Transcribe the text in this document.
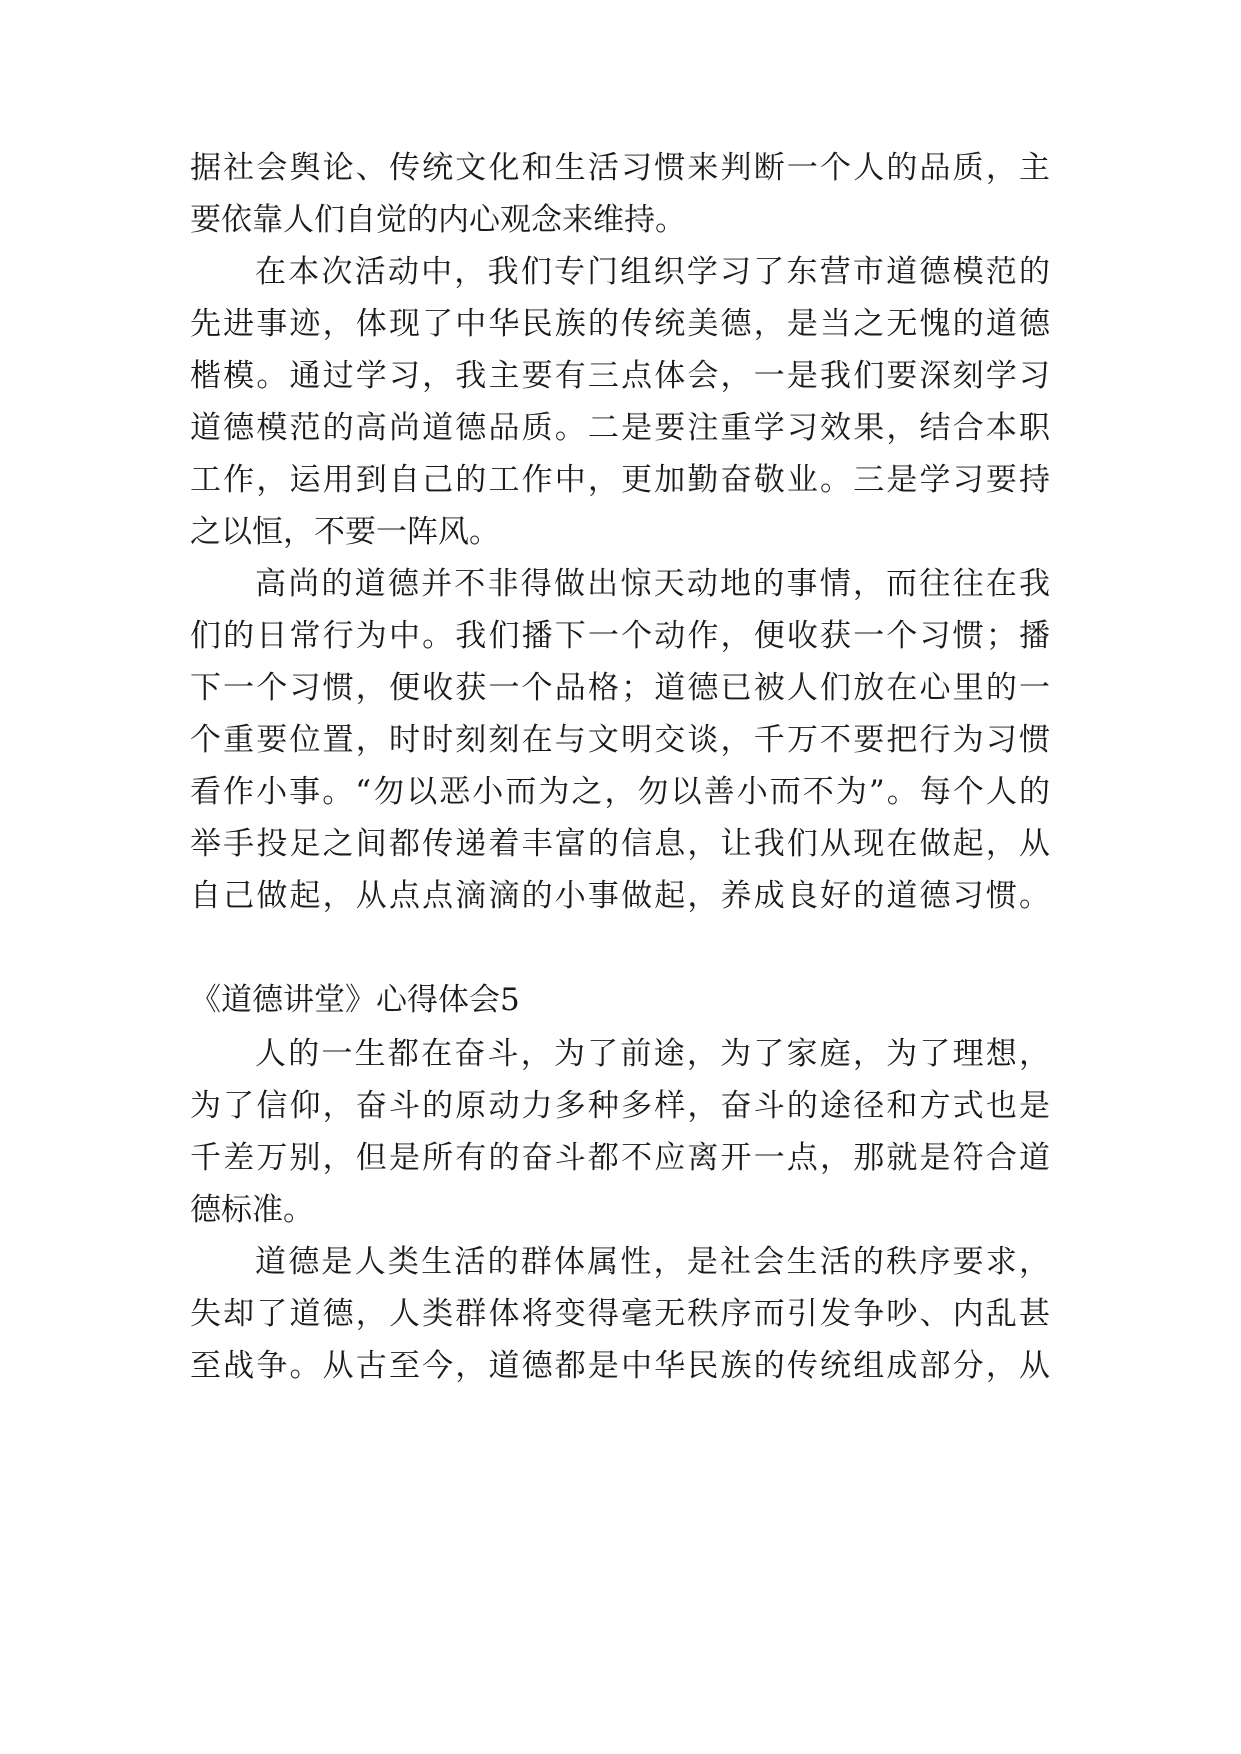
据社会舆论、传统文化和生活习惯来判断一个人的品质，主
要依靠人们自觉的内心观念来维持。
在本次活动中，我们专门组织学习了东营市道德模范的
先进事迹，体现了中华民族的传统美德，是当之无愧的道德
楷模。通过学习，我主要有三点体会，一是我们要深刻学习
道德模范的高尚道德品质。二是要注重学习效果，结合本职
工作，运用到自己的工作中，更加勤奋敬业。三是学习要持
之以恒，不要一阵风。
高尚的道德并不非得做出惊天动地的事情，而往往在我
们的日常行为中。我们播下一个动作，便收获一个习惯；播
下一个习惯，便收获一个品格；道德已被人们放在心里的一
个重要位置，时时刻刻在与文明交谈，千万不要把行为习惯
看作小事。“勿以恶小而为之，勿以善小而不为”。每个人的
举手投足之间都传递着丰富的信息，让我们从现在做起，从
自己做起，从点点滴滴的小事做起，养成良好的道德习惯。
《道德讲堂》心得体会5
人的一生都在奋斗，为了前途，为了家庭，为了理想，
为了信仰，奋斗的原动力多种多样，奋斗的途径和方式也是
千差万别，但是所有的奋斗都不应离开一点，那就是符合道
德标准。
道德是人类生活的群体属性，是社会生活的秩序要求，
失却了道德，人类群体将变得毫无秩序而引发争吵、内乱甚
至战争。从古至今，道德都是中华民族的传统组成部分，从
